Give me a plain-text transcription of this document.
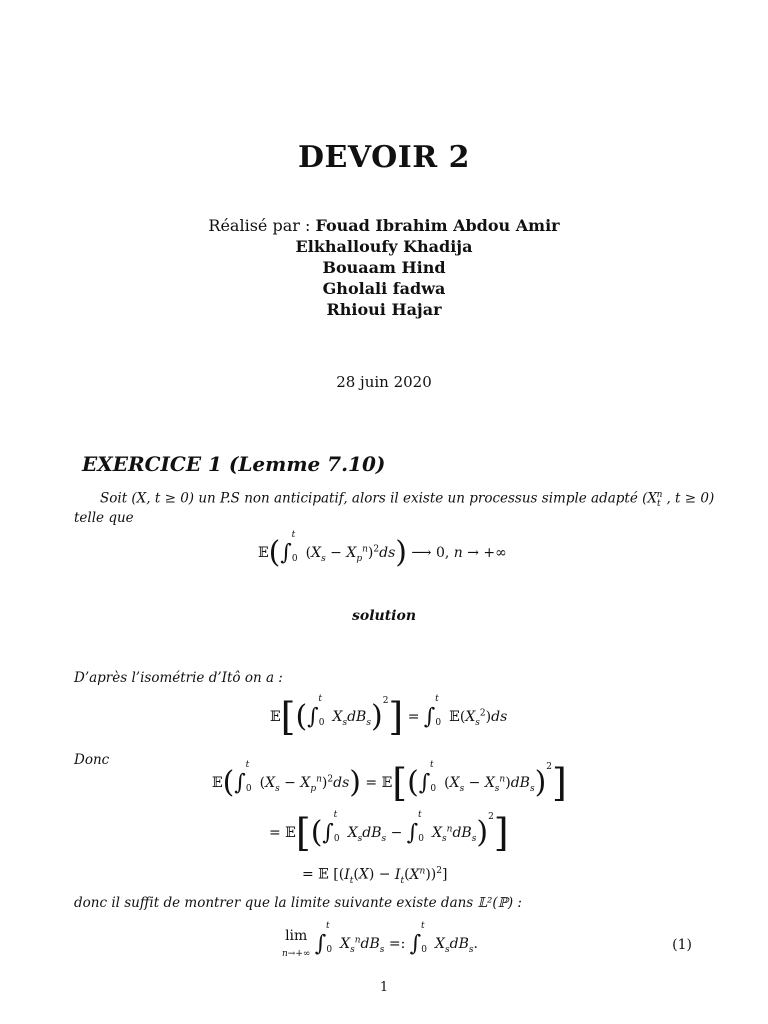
DEVOIR 2
Réalisé par : Fouad Ibrahim Abdou Amir
Elkhalloufy Khadija
Bouaam Hind
Gholali fadwa
Rhioui Hajar
28 juin 2020
EXERCICE 1 (Lemme 7.10)
Soit (X, t ≥ 0) un P.S non anticipatif, alors il existe un processus simple adapté ($X_t^n$ , t ≥ 0)
telle que
$𝔼(\int_0^t$ $(X_s - X_p^n)^2ds$) ⟶ 0, n → +∞
solution
D’après l’isométrie d’Itô on a :
$𝔼[(\int_0^t$ $X_sdB_s)^2] = \int_0^t$ $𝔼(X_s^2)ds$
Donc
$𝔼(\int_0^t$ $(X_s - X_p^n)^2ds$) = $𝔼[(\int_0^t$ $(X_s - X_s^n)dB_s)^2$]
= $𝔼[(\int_0^t$ $X_sdB_s - \int_0^t$ $X_s^ndB_s)^2$]
= 𝔼 $[(I_t(X) - I_t(X^n))^2]$
donc il suffit de montrer que la limite suivante existe dans 𝕃²(ℙ) :
lim
n→+∞ $\int_0^t$ $X_s^ndB_s$ =: $\int_0^t$ $X_sdB_s$.	(1)
1
